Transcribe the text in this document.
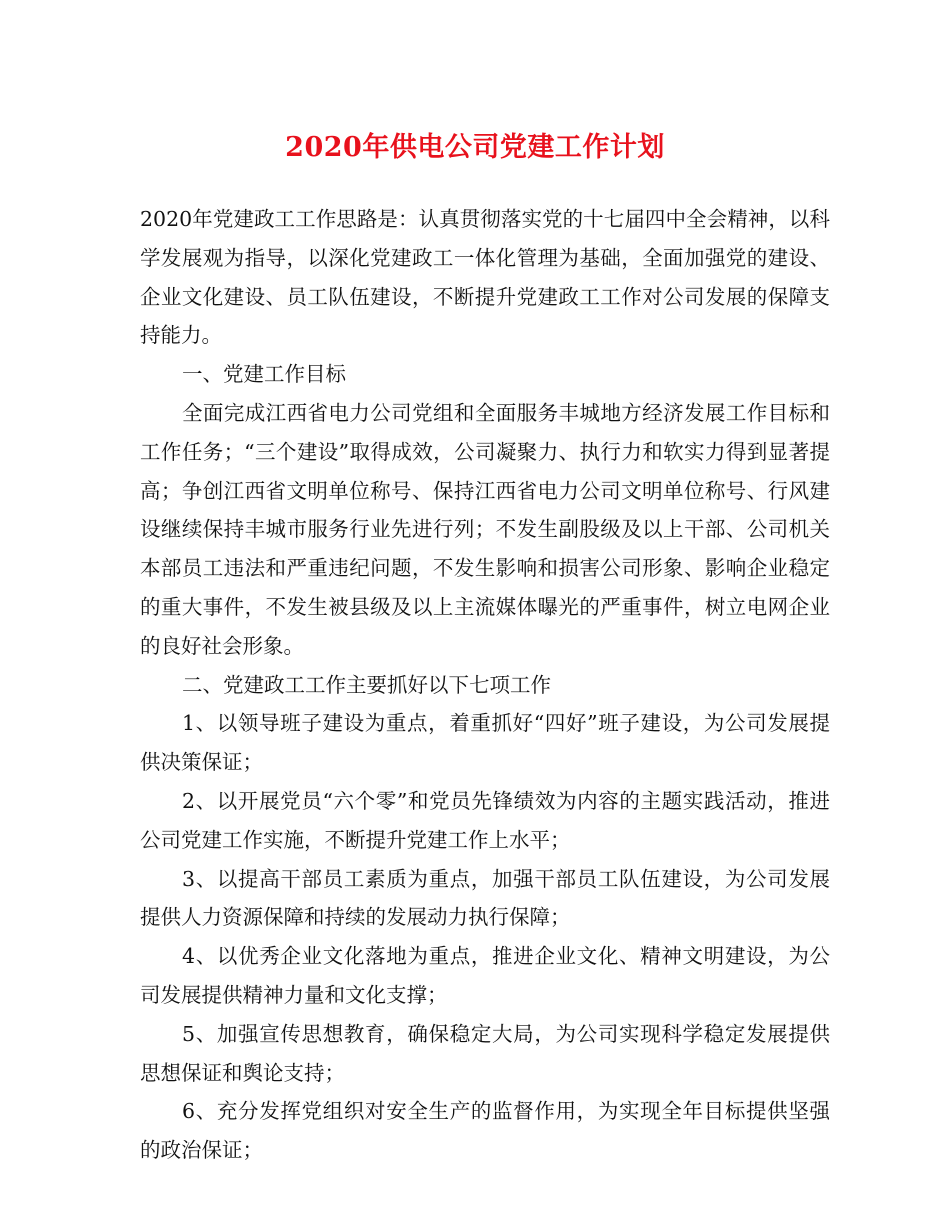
2020年供电公司党建工作计划

2020年党建政工工作思路是：认真贯彻落实党的十七届四中全会精神，以科学发展观为指导，以深化党建政工一体化管理为基础，全面加强党的建设、企业文化建设、员工队伍建设，不断提升党建政工工作对公司发展的保障支持能力。

一、党建工作目标

全面完成江西省电力公司党组和全面服务丰城地方经济发展工作目标和工作任务；“三个建设”取得成效，公司凝聚力、执行力和软实力得到显著提高；争创江西省文明单位称号、保持江西省电力公司文明单位称号、行风建设继续保持丰城市服务行业先进行列；不发生副股级及以上干部、公司机关本部员工违法和严重违纪问题，不发生影响和损害公司形象、影响企业稳定的重大事件，不发生被县级及以上主流媒体曝光的严重事件，树立电网企业的良好社会形象。

二、党建政工工作主要抓好以下七项工作

1、以领导班子建设为重点，着重抓好“四好”班子建设，为公司发展提供决策保证；

2、以开展党员“六个零”和党员先锋绩效为内容的主题实践活动，推进公司党建工作实施，不断提升党建工作上水平；

3、以提高干部员工素质为重点，加强干部员工队伍建设，为公司发展提供人力资源保障和持续的发展动力执行保障；

4、以优秀企业文化落地为重点，推进企业文化、精神文明建设，为公司发展提供精神力量和文化支撑；

5、加强宣传思想教育，确保稳定大局，为公司实现科学稳定发展提供思想保证和舆论支持；

6、充分发挥党组织对安全生产的监督作用，为实现全年目标提供坚强的政治保证；
